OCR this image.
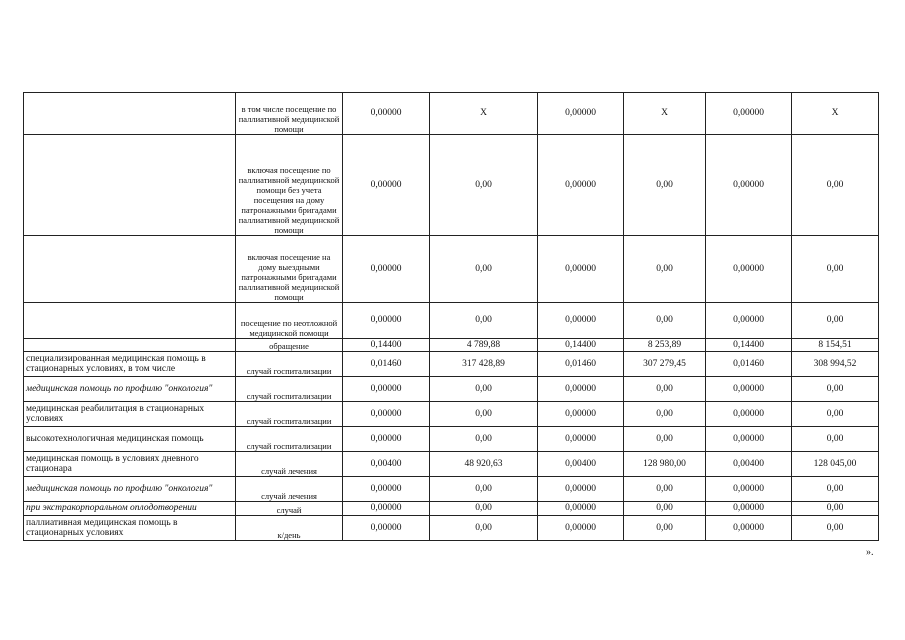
	в том числе посещение по паллиативной медицинской помощи	0,00000	Х	0,00000	Х	0,00000	Х
	включая посещение по паллиативной медицинской помощи без учета посещения на дому патронажными бригадами паллиативной медицинской помощи	0,00000	0,00	0,00000	0,00	0,00000	0,00
	включая посещение на дому выездными патронажными бригадами паллиативной медицинской помощи	0,00000	0,00	0,00000	0,00	0,00000	0,00
	посещение по неотложной медицинской помощи	0,00000	0,00	0,00000	0,00	0,00000	0,00
	обращение	0,14400	4 789,88	0,14400	8 253,89	0,14400	8 154,51
специализированная медицинская помощь в стационарных условиях, в том числе	случай госпитализации	0,01460	317 428,89	0,01460	307 279,45	0,01460	308 994,52
медицинская помощь по профилю "онкология"	случай госпитализации	0,00000	0,00	0,00000	0,00	0,00000	0,00
медицинская реабилитация в стационарных условиях	случай госпитализации	0,00000	0,00	0,00000	0,00	0,00000	0,00
высокотехнологичная медицинская помощь	случай госпитализации	0,00000	0,00	0,00000	0,00	0,00000	0,00
медицинская помощь в условиях дневного стационара	случай лечения	0,00400	48 920,63	0,00400	128 980,00	0,00400	128 045,00
медицинская помощь по профилю "онкология"	случай лечения	0,00000	0,00	0,00000	0,00	0,00000	0,00
при экстракорпоральном оплодотворении	случай	0,00000	0,00	0,00000	0,00	0,00000	0,00
паллиативная медицинская помощь в стационарных условиях	к/день	0,00000	0,00	0,00000	0,00	0,00000	0,00
».
